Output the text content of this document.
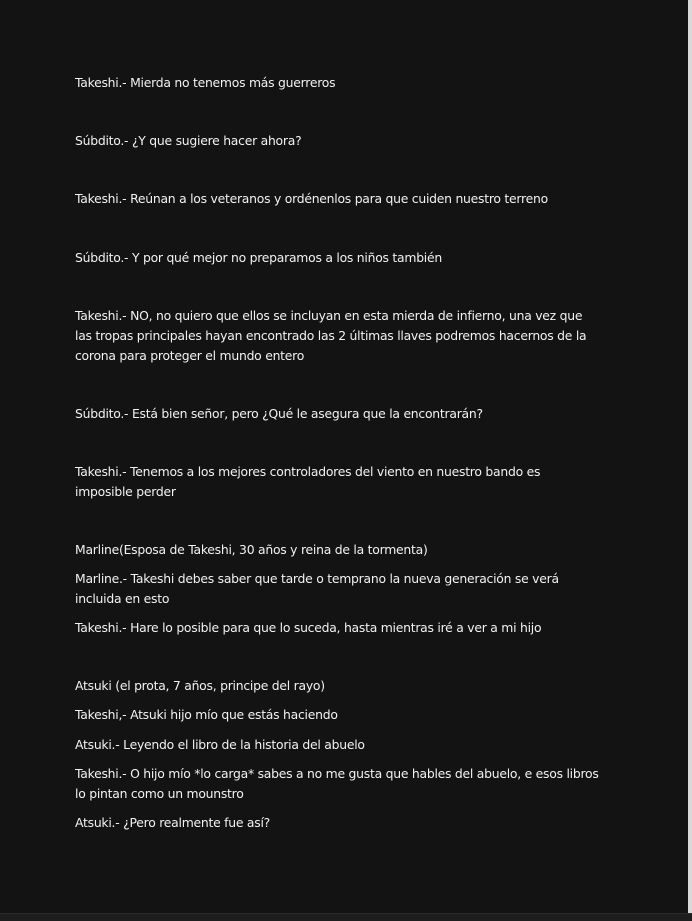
Takeshi.- Mierda no tenemos más guerreros

Súbdito.- ¿Y que sugiere hacer ahora?

Takeshi.- Reúnan a los veteranos y ordénenlos para que cuiden nuestro terreno

Súbdito.- Y por qué mejor no preparamos a los niños también

Takeshi.- NO, no quiero que ellos se incluyan en esta mierda de infierno, una vez que las tropas principales hayan encontrado las 2 últimas llaves podremos hacernos de la corona para proteger el mundo entero

Súbdito.- Está bien señor, pero ¿Qué le asegura que la encontrarán?

Takeshi.- Tenemos a los mejores controladores del viento en nuestro bando es imposible perder

Marline(Esposa de Takeshi, 30 años y reina de la tormenta)

Marline.- Takeshi debes saber que tarde o temprano la nueva generación se verá incluida en esto

Takeshi.- Hare lo posible para que lo suceda, hasta mientras iré a ver a mi hijo

Atsuki (el prota, 7 años, principe del rayo)

Takeshi,- Atsuki hijo mío que estás haciendo

Atsuki.- Leyendo el libro de la historia del abuelo

Takeshi.- O hijo mío *lo carga* sabes a no me gusta que hables del abuelo, e esos libros lo pintan como un mounstro

Atsuki.- ¿Pero realmente fue así?
